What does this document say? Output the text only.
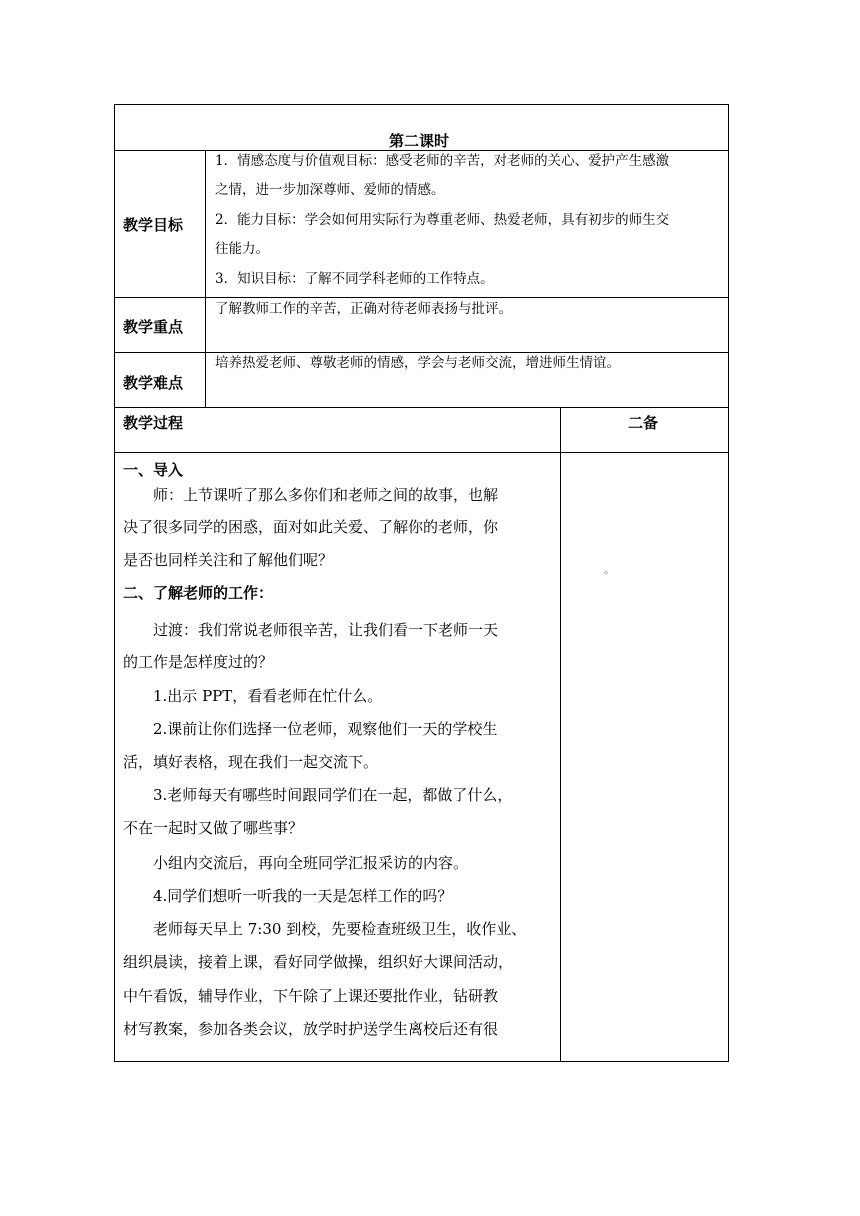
第二课时
教学目标
1．情感态度与价值观目标：感受老师的辛苦，对老师的关心、爱护产生感激
之情，进一步加深尊师、爱师的情感。
2．能力目标：学会如何用实际行为尊重老师、热爱老师，具有初步的师生交
往能力。
3．知识目标：了解不同学科老师的工作特点。
教学重点
了解教师工作的辛苦，正确对待老师表扬与批评。
教学难点
培养热爱老师、尊敬老师的情感，学会与老师交流，增进师生情谊。
教学过程	二备
一、导入
师：上节课听了那么多你们和老师之间的故事，也解
决了很多同学的困惑，面对如此关爱、了解你的老师，你
是否也同样关注和了解他们呢？
二、了解老师的工作：
过渡：我们常说老师很辛苦，让我们看一下老师一天
的工作是怎样度过的？
1.出示 PPT，看看老师在忙什么。
2.课前让你们选择一位老师，观察他们一天的学校生
活，填好表格，现在我们一起交流下。
3.老师每天有哪些时间跟同学们在一起，都做了什么，
不在一起时又做了哪些事？
小组内交流后，再向全班同学汇报采访的内容。
4.同学们想听一听我的一天是怎样工作的吗？
老师每天早上 7:30 到校，先要检查班级卫生，收作业、
组织晨读，接着上课，看好同学做操，组织好大课间活动，
中午看饭，辅导作业，下午除了上课还要批作业，钻研教
材写教案，参加各类会议，放学时护送学生离校后还有很
。
